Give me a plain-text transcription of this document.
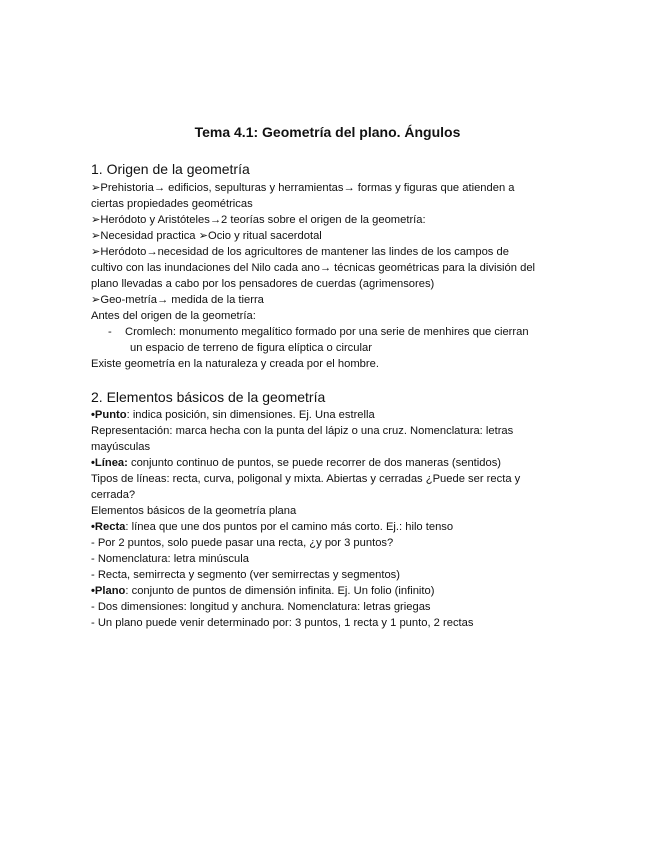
Tema 4.1: Geometría del plano. Ángulos
1. Origen de la geometría
➢Prehistoria→ edificios, sepulturas y herramientas→ formas y figuras que atienden a
ciertas propiedades geométricas
➢Heródoto y Aristóteles→2 teorías sobre el origen de la geometría:
➢Necesidad practica ➢Ocio y ritual sacerdotal
➢Heródoto→necesidad de los agricultores de mantener las lindes de los campos de
cultivo con las inundaciones del Nilo cada ano→ técnicas geométricas para la división del
plano llevadas a cabo por los pensadores de cuerdas (agrimensores)
➢Geo-metría→ medida de la tierra
Antes del origen de la geometría:
- Cromlech: monumento megalítico formado por una serie de menhires que cierran
un espacio de terreno de figura elíptica o circular
Existe geometría en la naturaleza y creada por el hombre.
2. Elementos básicos de la geometría
•Punto: indica posición, sin dimensiones. Ej. Una estrella
Representación: marca hecha con la punta del lápiz o una cruz. Nomenclatura: letras
mayúsculas
•Línea: conjunto continuo de puntos, se puede recorrer de dos maneras (sentidos)
Tipos de líneas: recta, curva, poligonal y mixta. Abiertas y cerradas ¿Puede ser recta y
cerrada?
Elementos básicos de la geometría plana
•Recta: línea que une dos puntos por el camino más corto. Ej.: hilo tenso
- Por 2 puntos, solo puede pasar una recta, ¿y por 3 puntos?
- Nomenclatura: letra minúscula
- Recta, semirrecta y segmento (ver semirrectas y segmentos)
•Plano: conjunto de puntos de dimensión infinita. Ej. Un folio (infinito)
- Dos dimensiones: longitud y anchura. Nomenclatura: letras griegas
- Un plano puede venir determinado por: 3 puntos, 1 recta y 1 punto, 2 rectas
